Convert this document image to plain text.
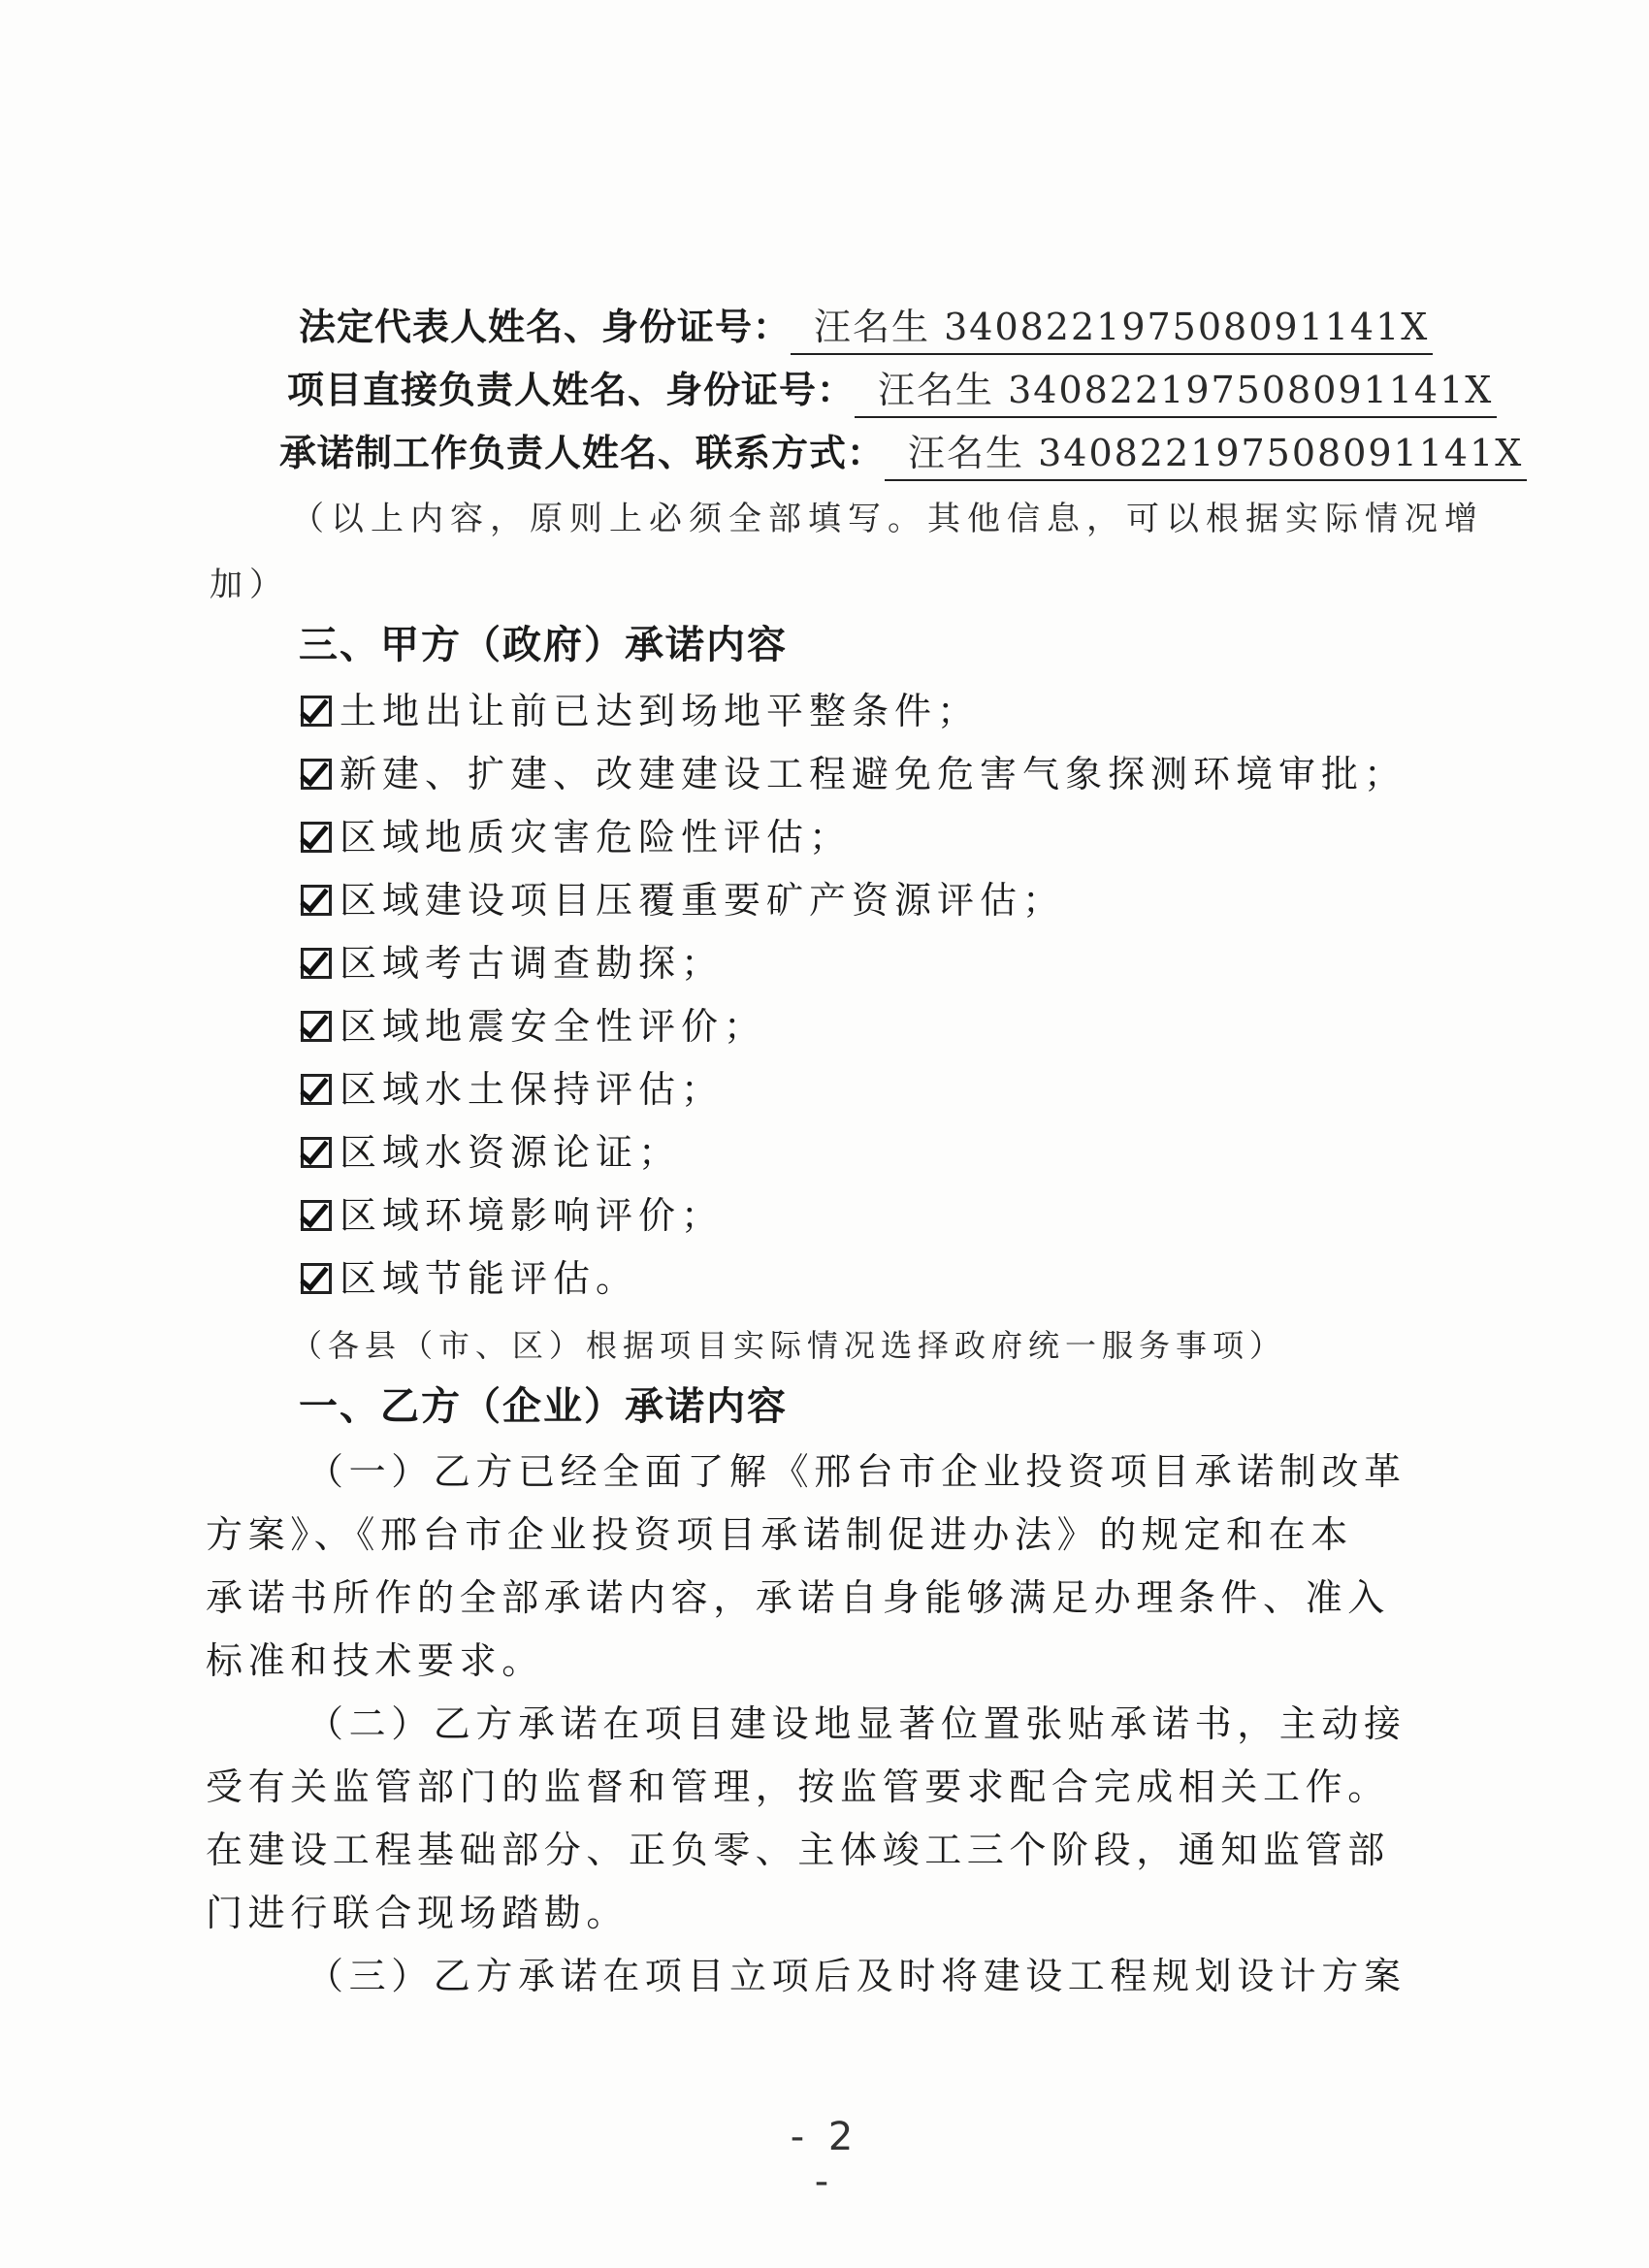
法定代表人姓名、身份证号： 汪名生 340822197508091141X
项目直接负责人姓名、身份证号： 汪名生 340822197508091141X
承诺制工作负责人姓名、联系方式： 汪名生 340822197508091141X
（以上内容，原则上必须全部填写。其他信息，可以根据实际情况增
加）
三、甲方（政府）承诺内容
土地出让前已达到场地平整条件；
新建、扩建、改建建设工程避免危害气象探测环境审批；
区域地质灾害危险性评估；
区域建设项目压覆重要矿产资源评估；
区域考古调查勘探；
区域地震安全性评价；
区域水土保持评估；
区域水资源论证；
区域环境影响评价；
区域节能评估。
（各县（市、区）根据项目实际情况选择政府统一服务事项）
一、乙方（企业）承诺内容
（一）乙方已经全面了解《邢台市企业投资项目承诺制改革
方案》、《邢台市企业投资项目承诺制促进办法》的规定和在本
承诺书所作的全部承诺内容，承诺自身能够满足办理条件、准入
标准和技术要求。
（二）乙方承诺在项目建设地显著位置张贴承诺书，主动接
受有关监管部门的监督和管理，按监管要求配合完成相关工作。
在建设工程基础部分、正负零、主体竣工三个阶段，通知监管部
门进行联合现场踏勘。
（三）乙方承诺在项目立项后及时将建设工程规划设计方案
- 2 -
